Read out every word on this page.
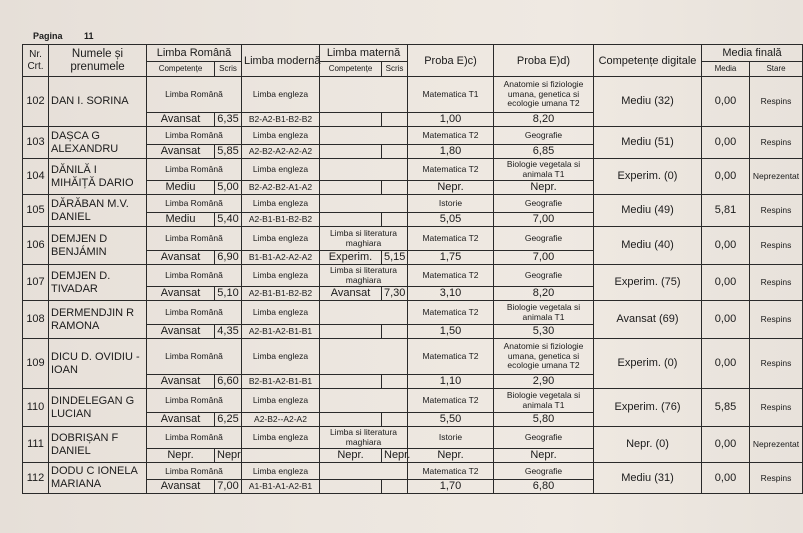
Pagina 11
Nr. Crt.	Numele și prenumele	Limba Română		Limba modernă	Limba maternă		Proba E)c)	Proba E)d)	Competențe digitale	Media finală	
		Competențe	Scris		Competențe	Scris				Media	Stare
102	DAN I. SORINA	Limba Română		Limba engleza			Matematica T1	Anatomie si fiziologie umana, genetica si ecologie umana T2	Mediu (32)	0,00	Respins
		Avansat	6,35	B2-A2-B1-B2-B2			1,00	8,20			
103	DAȘCA G ALEXANDRU	Limba Română		Limba engleza			Matematica T2	Geografie	Mediu (51)	0,00	Respins
		Avansat	5,85	A2-B2-A2-A2-A2			1,80	6,85			
104	DĂNILĂ I MIHĂIȚĂ DARIO	Limba Română		Limba engleza			Matematica T2	Biologie vegetala si animala T1	Experim. (0)	0,00	Neprezentat
		Mediu	5,00	B2-A2-B2-A1-A2			Nepr.	Nepr.			
105	DĂRĂBAN M.V. DANIEL	Limba Română		Limba engleza			Istorie	Geografie	Mediu (49)	5,81	Respins
		Mediu	5,40	A2-B1-B1-B2-B2			5,05	7,00			
106	DEMJEN D BENJÁMIN	Limba Română		Limba engleza	Limba si literatura maghiara		Matematica T2	Geografie	Mediu (40)	0,00	Respins
		Avansat	6,90	B1-B1-A2-A2-A2	Experim.	5,15	1,75	7,00			
107	DEMJEN D. TIVADAR	Limba Română		Limba engleza	Limba si literatura maghiara		Matematica T2	Geografie	Experim. (75)	0,00	Respins
		Avansat	5,10	A2-B1-B1-B2-B2	Avansat	7,30	3,10	8,20			
108	DERMENDJIN R RAMONA	Limba Română		Limba engleza			Matematica T2	Biologie vegetala si animala T1	Avansat (69)	0,00	Respins
		Avansat	4,35	A2-B1-A2-B1-B1			1,50	5,30			
109	DICU D. OVIDIU - IOAN	Limba Română		Limba engleza			Matematica T2	Anatomie si fiziologie umana, genetica si ecologie umana T2	Experim. (0)	0,00	Respins
		Avansat	6,60	B2-B1-A2-B1-B1			1,10	2,90			
110	DINDELEGAN G LUCIAN	Limba Română		Limba engleza			Matematica T2	Biologie vegetala si animala T1	Experim. (76)	5,85	Respins
		Avansat	6,25	A2-B2--A2-A2			5,50	5,80			
111	DOBRIȘAN F DANIEL	Limba Română		Limba engleza	Limba si literatura maghiara		Istorie	Geografie	Nepr. (0)	0,00	Neprezentat
		Nepr.	Nepr		Nepr.	Nepr.	Nepr.	Nepr.			
112	DODU C IONELA MARIANA	Limba Română		Limba engleza			Matematica T2	Geografie	Mediu (31)	0,00	Respins
		Avansat	7,00	A1-B1-A1-A2-B1			1,70	6,80			
